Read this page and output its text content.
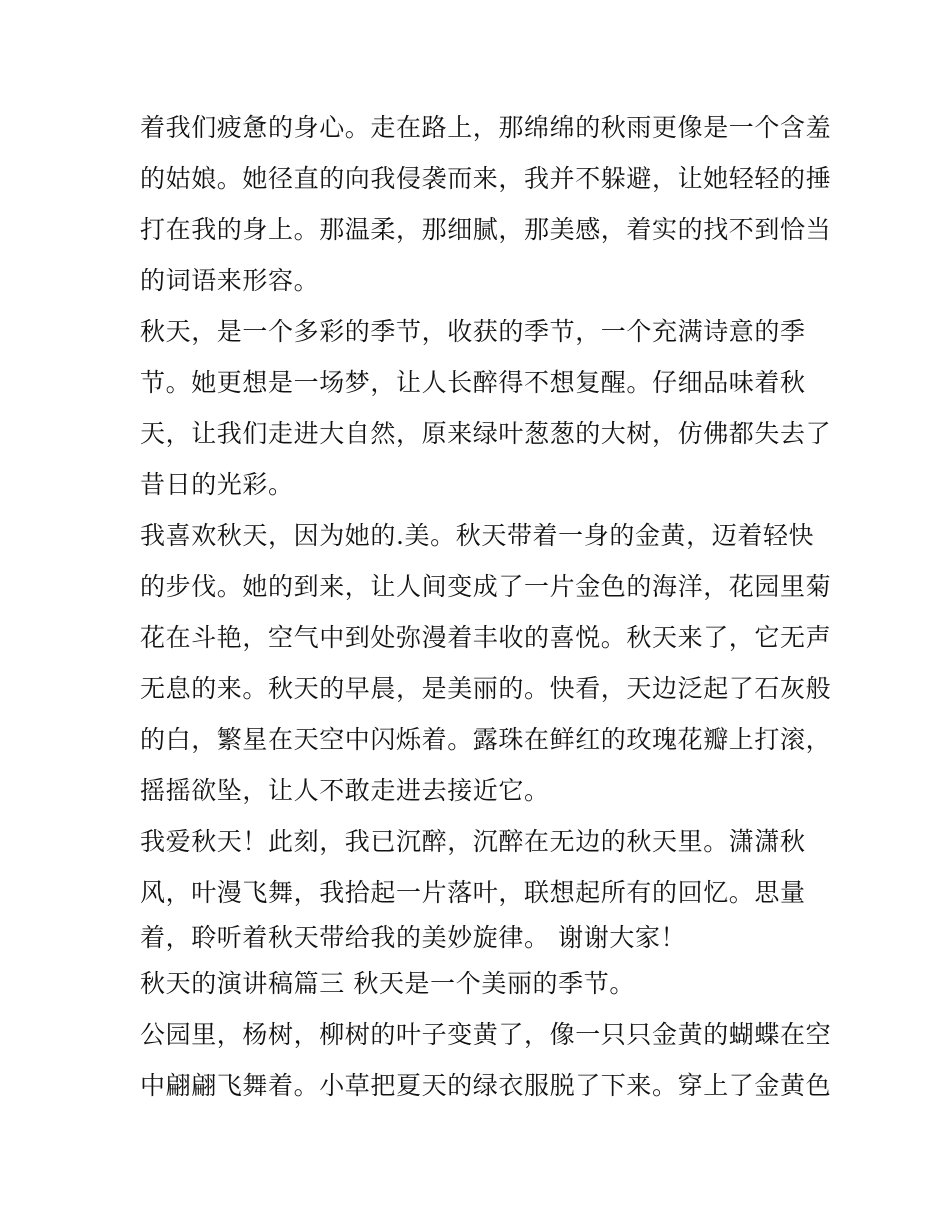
着我们疲惫的身心。走在路上，那绵绵的秋雨更像是一个含羞
的姑娘。她径直的向我侵袭而来，我并不躲避，让她轻轻的捶
打在我的身上。那温柔，那细腻，那美感，着实的找不到恰当
的词语来形容。
秋天，是一个多彩的季节，收获的季节，一个充满诗意的季
节。她更想是一场梦，让人长醉得不想复醒。仔细品味着秋
天，让我们走进大自然，原来绿叶葱葱的大树，仿佛都失去了
昔日的光彩。
我喜欢秋天，因为她的.美。秋天带着一身的金黄，迈着轻快
的步伐。她的到来，让人间变成了一片金色的海洋，花园里菊
花在斗艳，空气中到处弥漫着丰收的喜悦。秋天来了，它无声
无息的来。秋天的早晨，是美丽的。快看，天边泛起了石灰般
的白，繁星在天空中闪烁着。露珠在鲜红的玫瑰花瓣上打滚，
摇摇欲坠，让人不敢走进去接近它。
我爱秋天！此刻，我已沉醉，沉醉在无边的秋天里。潇潇秋
风，叶漫飞舞，我拾起一片落叶，联想起所有的回忆。思量
着，聆听着秋天带给我的美妙旋律。 谢谢大家！
秋天的演讲稿篇三 秋天是一个美丽的季节。
公园里，杨树，柳树的叶子变黄了，像一只只金黄的蝴蝶在空
中翩翩飞舞着。小草把夏天的绿衣服脱了下来。穿上了金黄色
